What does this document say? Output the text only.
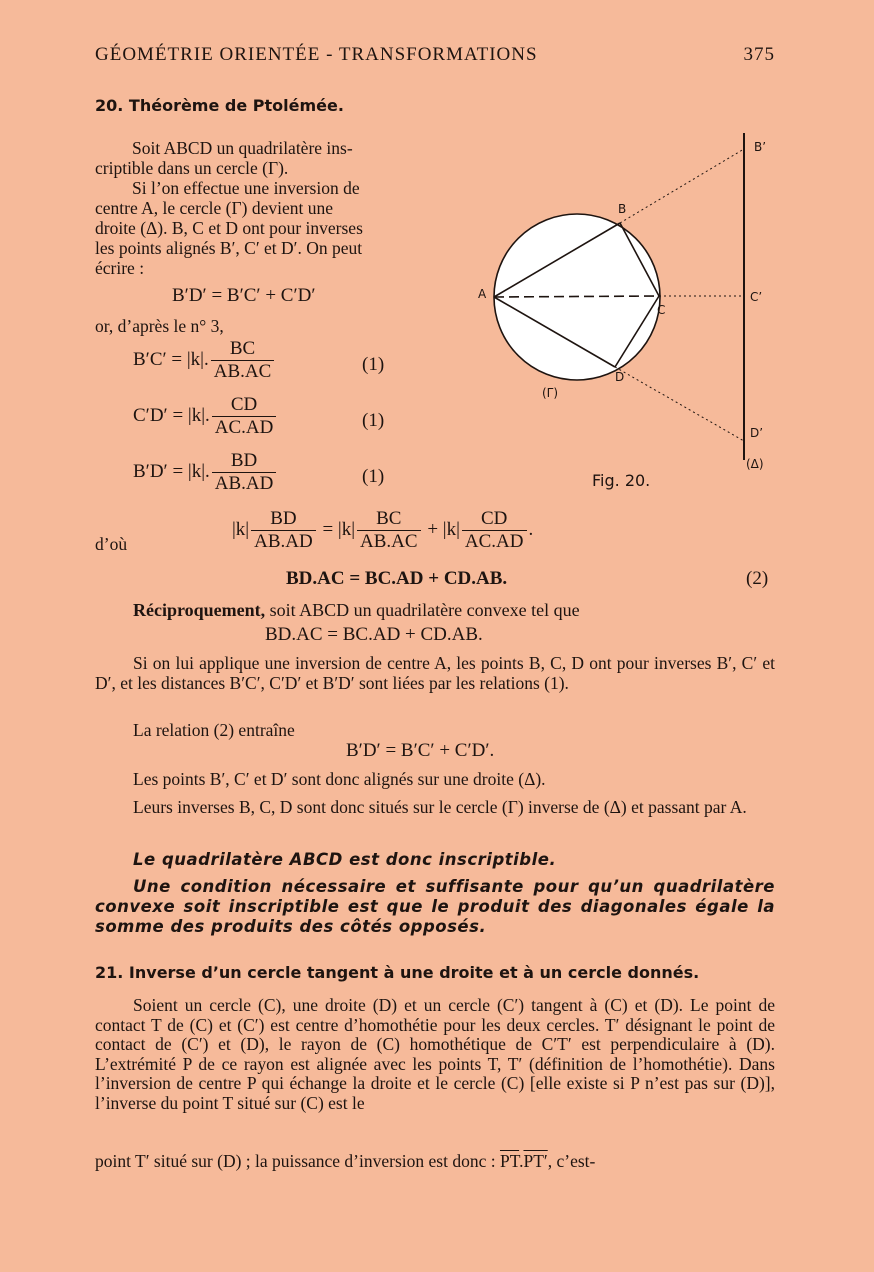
GÉOMÉTRIE ORIENTÉE - TRANSFORMATIONS	375
20. Théorème de Ptolémée.
Soit ABCD un quadrilatère ins-
criptible dans un cercle (Γ).
Si l’on effectue une inversion de
centre A, le cercle (Γ) devient une
droite (Δ). B, C et D ont pour inverses
les points alignés B′, C′ et D′. On peut
écrire :
B′D′ = B′C′ + C′D′
or, d’après le n° 3,
B′C′ = |k|. $\frac{BC}{AB.AC}$	(1)
C′D′ = |k|. $\frac{CD}{AC.AD}$	(1)
B′D′ = |k|. $\frac{BD}{AB.AD}$	(1)
A
B
C
D
B’
C’
D’
(Γ)
(Δ)
Fig. 20.
d’où
$|k| \frac{BD}{AB.AD} = |k| \frac{BC}{AB.AC} + |k| \frac{CD}{AC.AD}$ .
BD.AC = BC.AD + CD.AB.	(2)
Réciproquement, soit ABCD un quadrilatère convexe tel que
BD.AC = BC.AD + CD.AB.
Si on lui applique une inversion de centre A, les points B, C, D ont pour inverses B′, C′ et D′, et les distances B′C′, C′D′ et B′D′ sont liées par les relations (1).
La relation (2) entraîne
B′D′ = B′C′ + C′D′.
Les points B′, C′ et D′ sont donc alignés sur une droite (Δ).
Leurs inverses B, C, D sont donc situés sur le cercle (Γ) inverse de (Δ) et passant par A.
Le quadrilatère ABCD est donc inscriptible.
Une condition nécessaire et suffisante pour qu’un quadrilatère convexe soit inscriptible est que le produit des diagonales égale la somme des produits des côtés opposés.
21. Inverse d’un cercle tangent à une droite et à un cercle donnés.
Soient un cercle (C), une droite (D) et un cercle (C′) tangent à (C) et (D). Le point de contact T de (C) et (C′) est centre d’homothétie pour les deux cercles. T′ désignant le point de contact de (C′) et (D), le rayon de (C) homothétique de C′T′ est perpendiculaire à (D). L’extrémité P de ce rayon est alignée avec les points T, T′ (définition de l’homothétie). Dans l’inversion de centre P qui échange la droite et le cercle (C) [elle existe si P n’est pas sur (D)], l’inverse du point T situé sur (C) est le
point T′ situé sur (D) ; la puissance d’inversion est donc : $\overline{PT}.PT'$, c’est-
